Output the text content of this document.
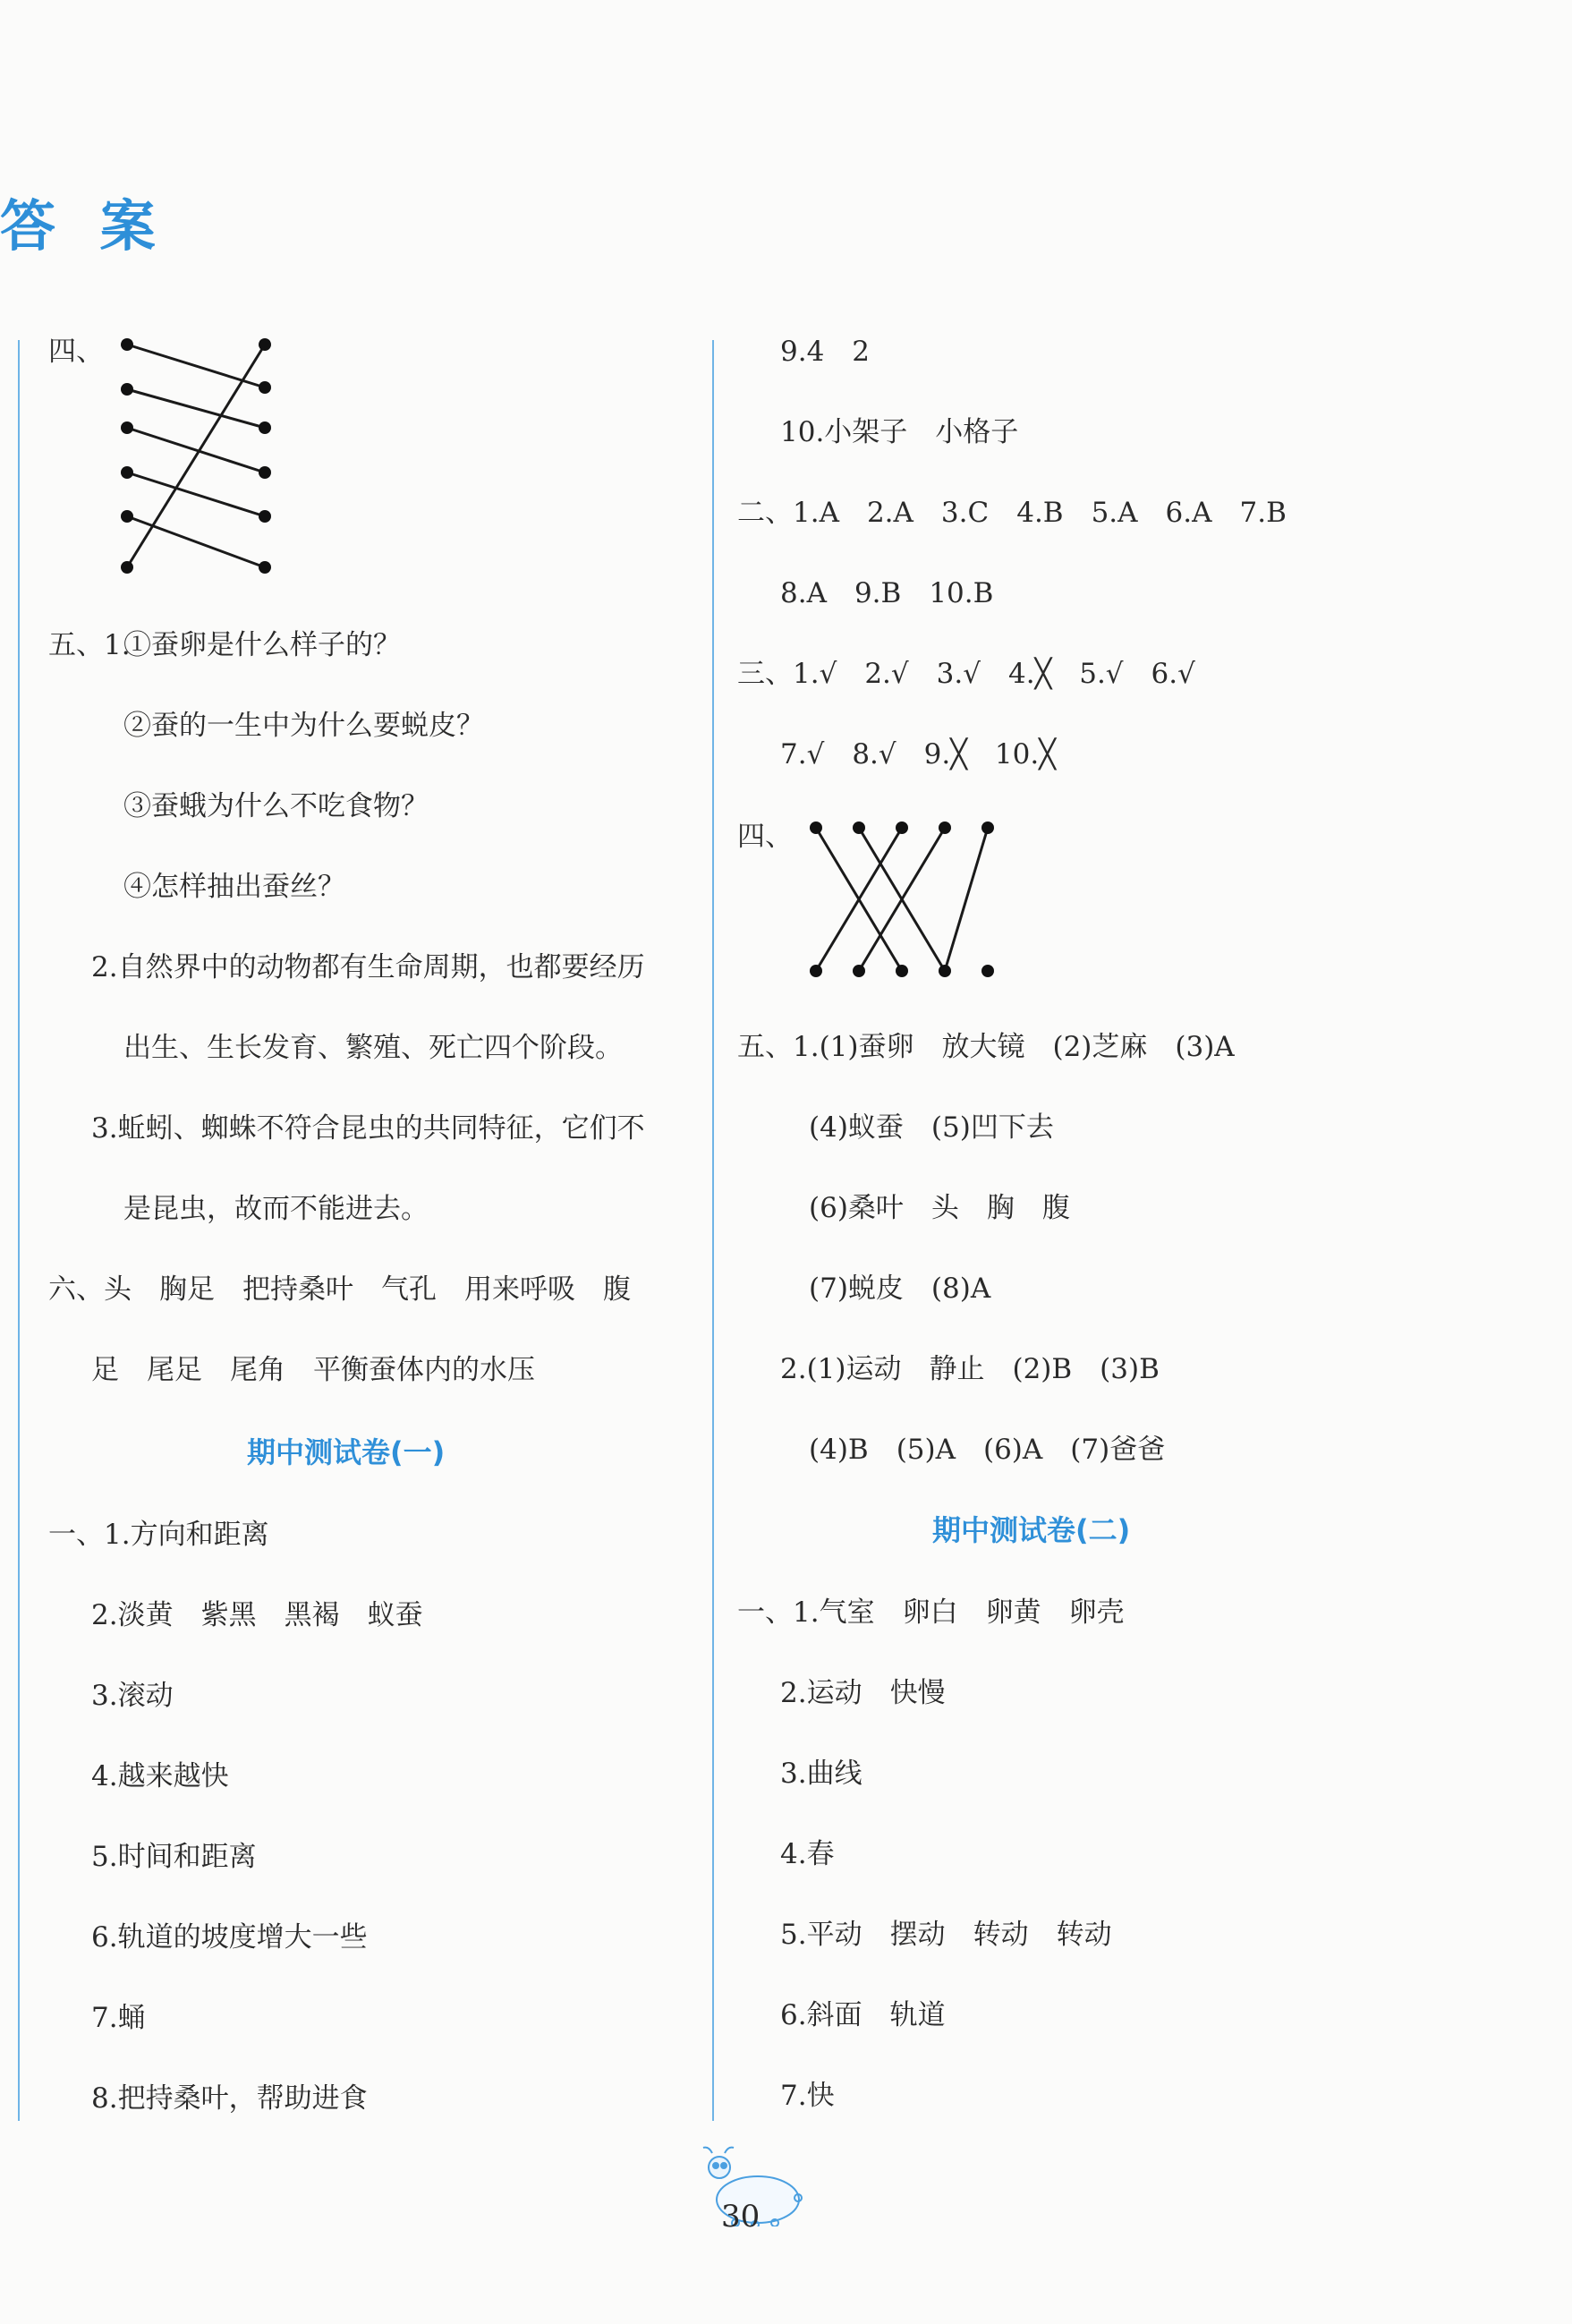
答 案
四、
五、1.
①蚕卵是什么样子的？
②蚕的一生中为什么要蜕皮？
③蚕蛾为什么不吃食物？
④怎样抽出蚕丝？
2.自然界中的动物都有生命周期，也都要经历
出生、生长发育、繁殖、死亡四个阶段。
3.蚯蚓、蜘蛛不符合昆虫的共同特征，它们不
是昆虫，故而不能进去。
六、头　胸足　把持桑叶　气孔　用来呼吸　腹
足　尾足　尾角　平衡蚕体内的水压
期中测试卷(一)
一、1.方向和距离
2.淡黄　紫黑　黑褐　蚁蚕
3.滚动
4.越来越快
5.时间和距离
6.轨道的坡度增大一些
7.蛹
8.把持桑叶，帮助进食
9.4　2
10.小架子　小格子
二、1.A　2.A　3.C　4.B　5.A　6.A　7.B
8.A　9.B　10.B
三、1.√　2.√　3.√　4.╳　5.√　6.√
7.√　8.√　9.╳　10.╳
四、
五、1.(1)蚕卵　放大镜　(2)芝麻　(3)A
(4)蚁蚕　(5)凹下去
(6)桑叶　头　胸　腹
(7)蜕皮　(8)A
2.(1)运动　静止　(2)B　(3)B
(4)B　(5)A　(6)A　(7)爸爸
期中测试卷(二)
一、1.气室　卵白　卵黄　卵壳
2.运动　快慢
3.曲线
4.春
5.平动　摆动　转动　转动
6.斜面　轨道
7.快
30
